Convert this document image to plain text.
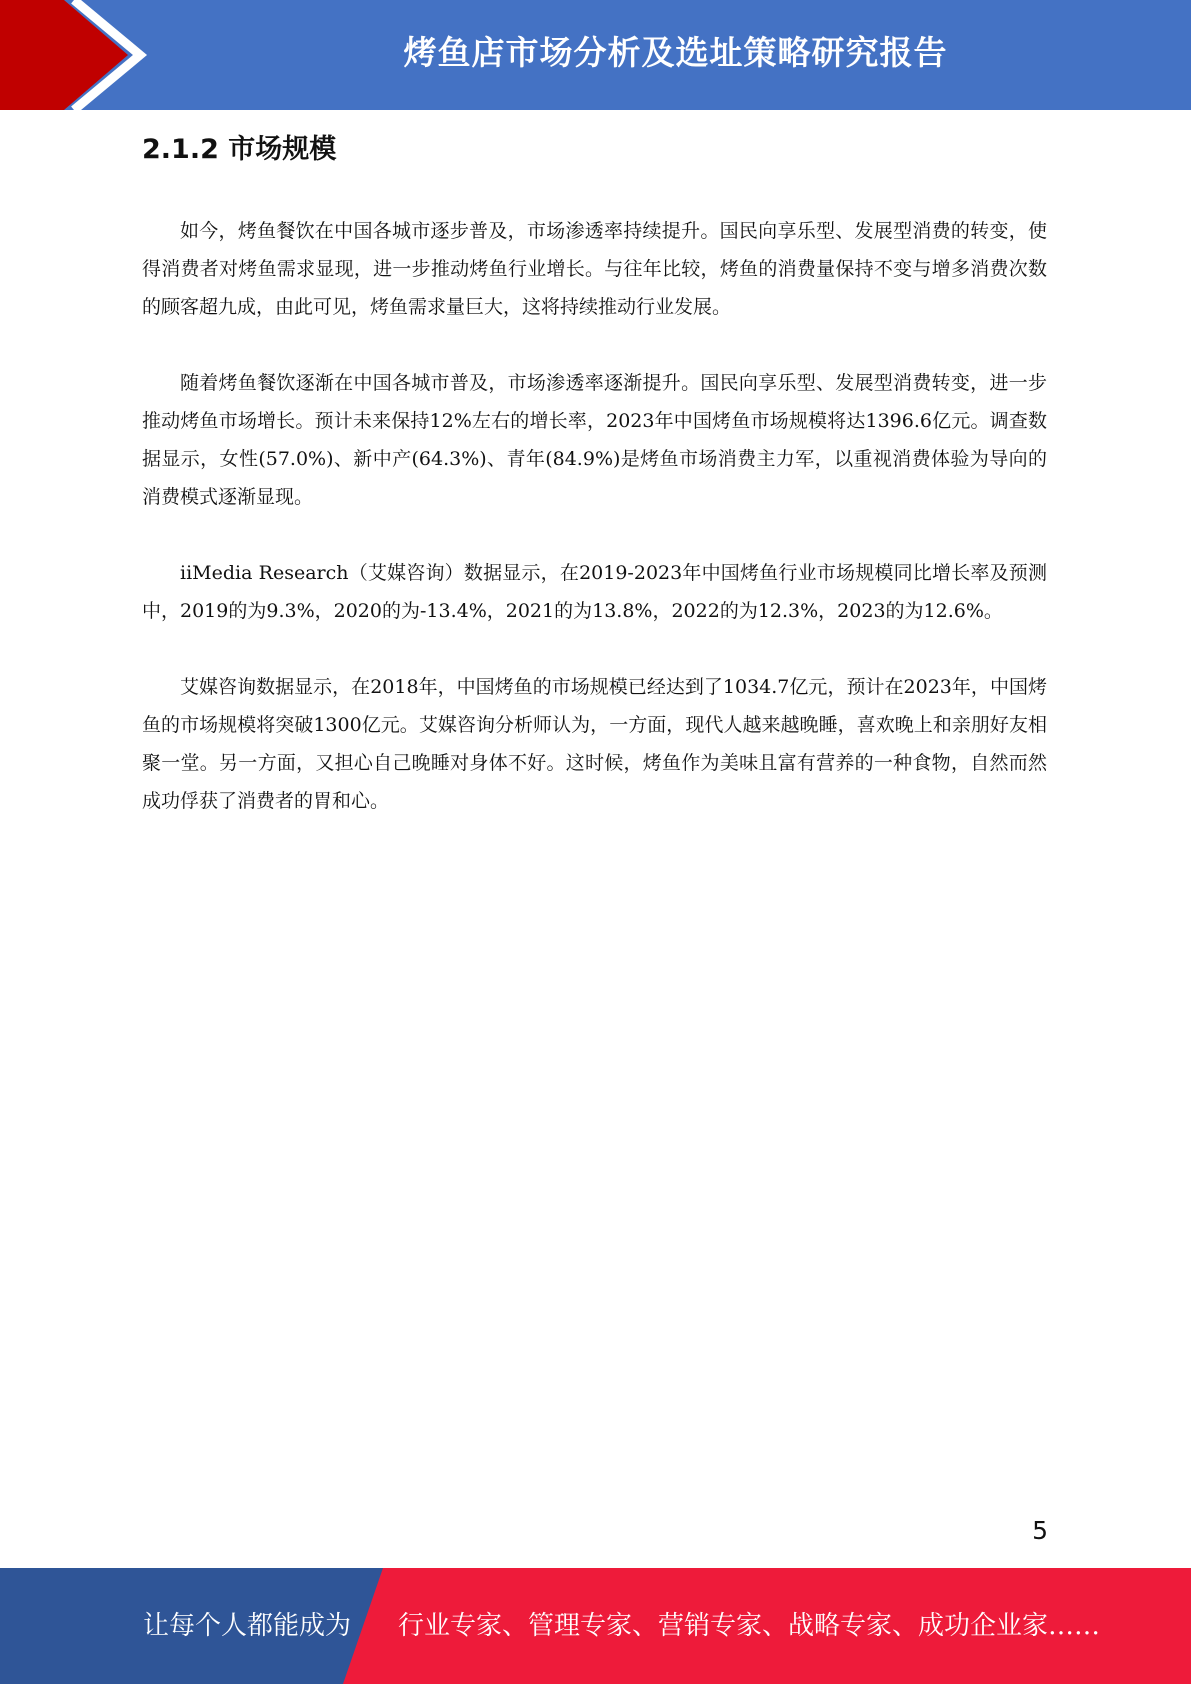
烤鱼店市场分析及选址策略研究报告
2.1.2 市场规模

如今，烤鱼餐饮在中国各城市逐步普及，市场渗透率持续提升。国民向享乐型、发展型消费的转变，使得消费者对烤鱼需求显现，进一步推动烤鱼行业增长。与往年比较，烤鱼的消费量保持不变与增多消费次数的顾客超九成，由此可见，烤鱼需求量巨大，这将持续推动行业发展。

随着烤鱼餐饮逐渐在中国各城市普及，市场渗透率逐渐提升。国民向享乐型、发展型消费转变，进一步推动烤鱼市场增长。预计未来保持12%左右的增长率，2023年中国烤鱼市场规模将达1396.6亿元。调查数据显示，女性(57.0%)、新中产(64.3%)、青年(84.9%)是烤鱼市场消费主力军，以重视消费体验为导向的消费模式逐渐显现。

iiMedia Research（艾媒咨询）数据显示，在2019-2023年中国烤鱼行业市场规模同比增长率及预测中，2019的为9.3%，2020的为-13.4%，2021的为13.8%，2022的为12.3%，2023的为12.6%。

艾媒咨询数据显示，在2018年，中国烤鱼的市场规模已经达到了1034.7亿元，预计在2023年，中国烤鱼的市场规模将突破1300亿元。艾媒咨询分析师认为，一方面，现代人越来越晚睡，喜欢晚上和亲朋好友相聚一堂。另一方面，又担心自己晚睡对身体不好。这时候，烤鱼作为美味且富有营养的一种食物，自然而然成功俘获了消费者的胃和心。

5
让每个人都能成为 行业专家、管理专家、营销专家、战略专家、成功企业家……
